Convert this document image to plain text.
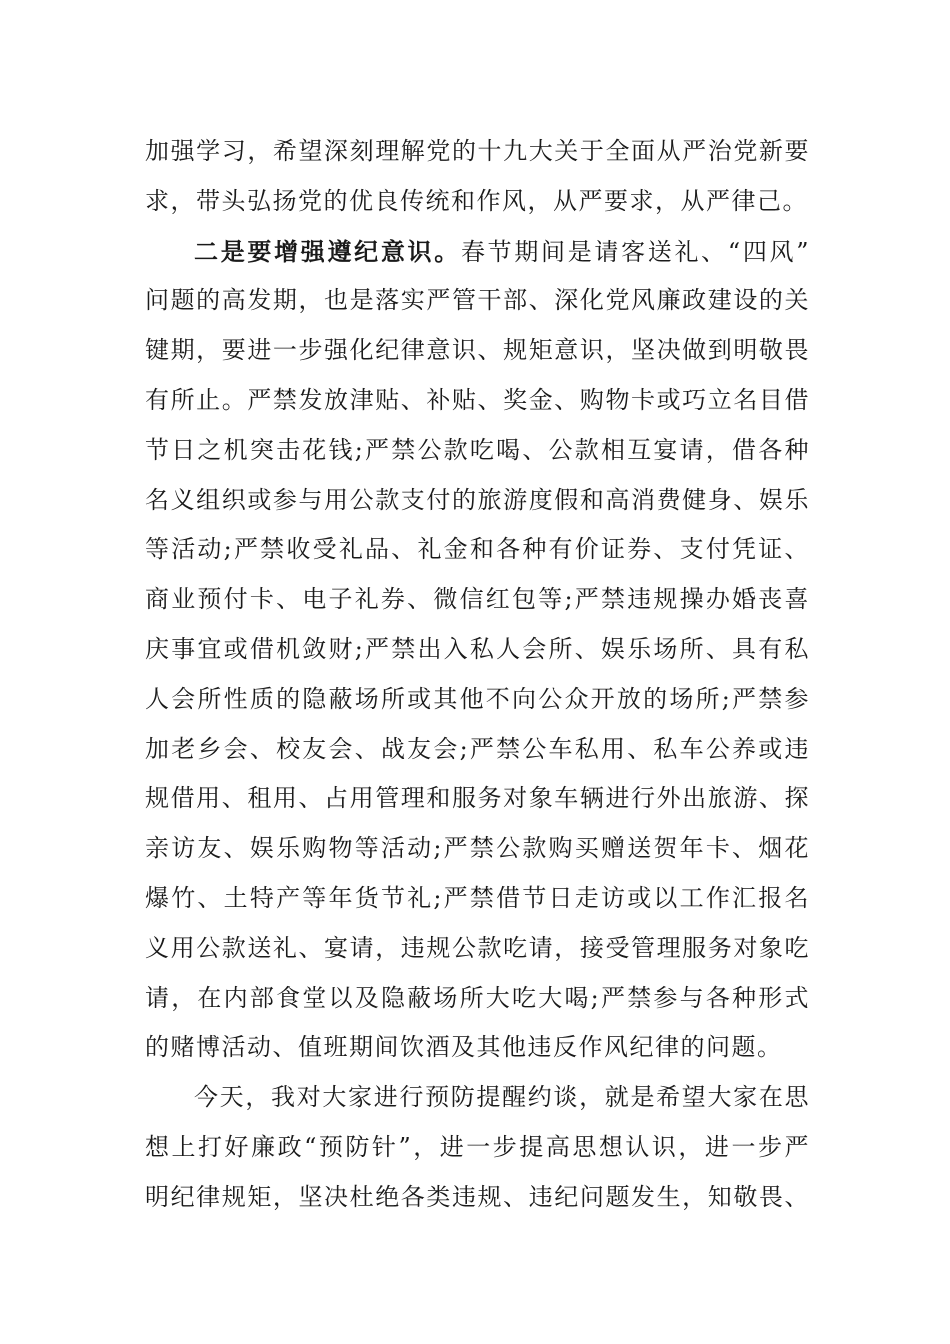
加强学习，希望深刻理解党的十九大关于全面从严治党新要
求，带头弘扬党的优良传统和作风，从严要求，从严律己。
二是要增强遵纪意识。春节期间是请客送礼、“四风”
问题的高发期，也是落实严管干部、深化党风廉政建设的关
键期，要进一步强化纪律意识、规矩意识，坚决做到明敬畏
有所止。严禁发放津贴、补贴、奖金、购物卡或巧立名目借
节日之机突击花钱;严禁公款吃喝、公款相互宴请，借各种
名义组织或参与用公款支付的旅游度假和高消费健身、娱乐
等活动;严禁收受礼品、礼金和各种有价证券、支付凭证、
商业预付卡、电子礼券、微信红包等;严禁违规操办婚丧喜
庆事宜或借机敛财;严禁出入私人会所、娱乐场所、具有私
人会所性质的隐蔽场所或其他不向公众开放的场所;严禁参
加老乡会、校友会、战友会;严禁公车私用、私车公养或违
规借用、租用、占用管理和服务对象车辆进行外出旅游、探
亲访友、娱乐购物等活动;严禁公款购买赠送贺年卡、烟花
爆竹、土特产等年货节礼;严禁借节日走访或以工作汇报名
义用公款送礼、宴请，违规公款吃请，接受管理服务对象吃
请，在内部食堂以及隐蔽场所大吃大喝;严禁参与各种形式
的赌博活动、值班期间饮酒及其他违反作风纪律的问题。
今天，我对大家进行预防提醒约谈，就是希望大家在思
想上打好廉政“预防针”，进一步提高思想认识，进一步严
明纪律规矩，坚决杜绝各类违规、违纪问题发生，知敬畏、
